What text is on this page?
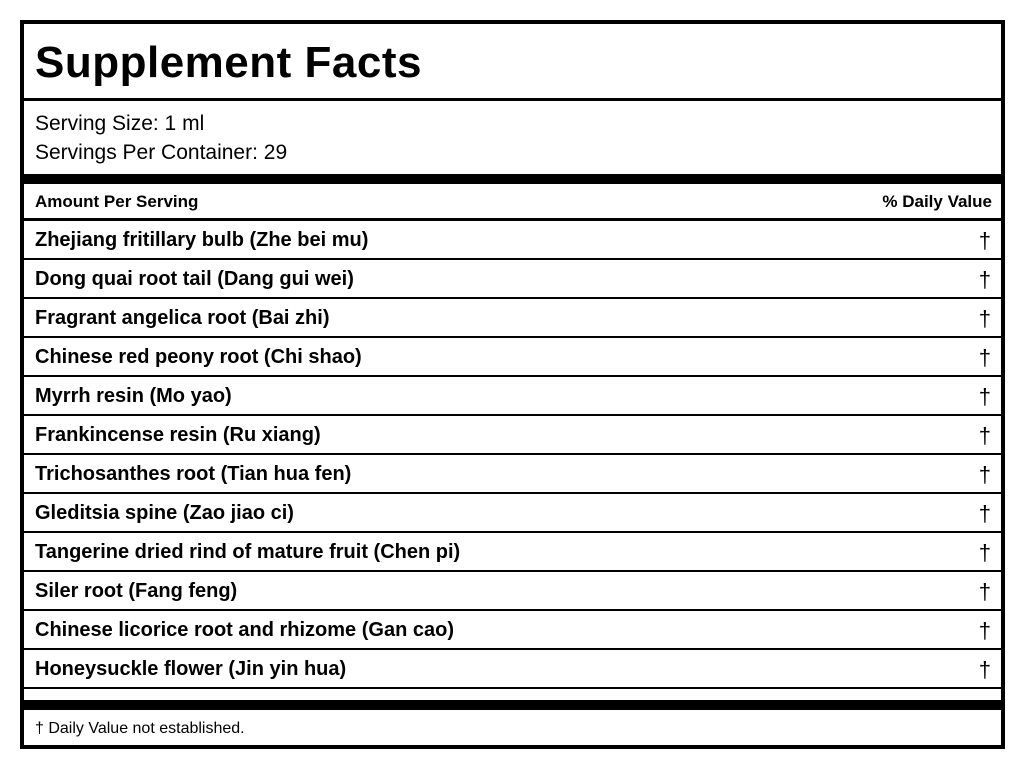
Supplement Facts
Serving Size: 1 ml
Servings Per Container: 29
Amount Per Serving	% Daily Value
Zhejiang fritillary bulb (Zhe bei mu)	†
Dong quai root tail (Dang gui wei)	†
Fragrant angelica root (Bai zhi)	†
Chinese red peony root (Chi shao)	†
Myrrh resin (Mo yao)	†
Frankincense resin (Ru xiang)	†
Trichosanthes root (Tian hua fen)	†
Gleditsia spine (Zao jiao ci)	†
Tangerine dried rind of mature fruit (Chen pi)	†
Siler root (Fang feng)	†
Chinese licorice root and rhizome (Gan cao)	†
Honeysuckle flower (Jin yin hua)	†
† Daily Value not established.
